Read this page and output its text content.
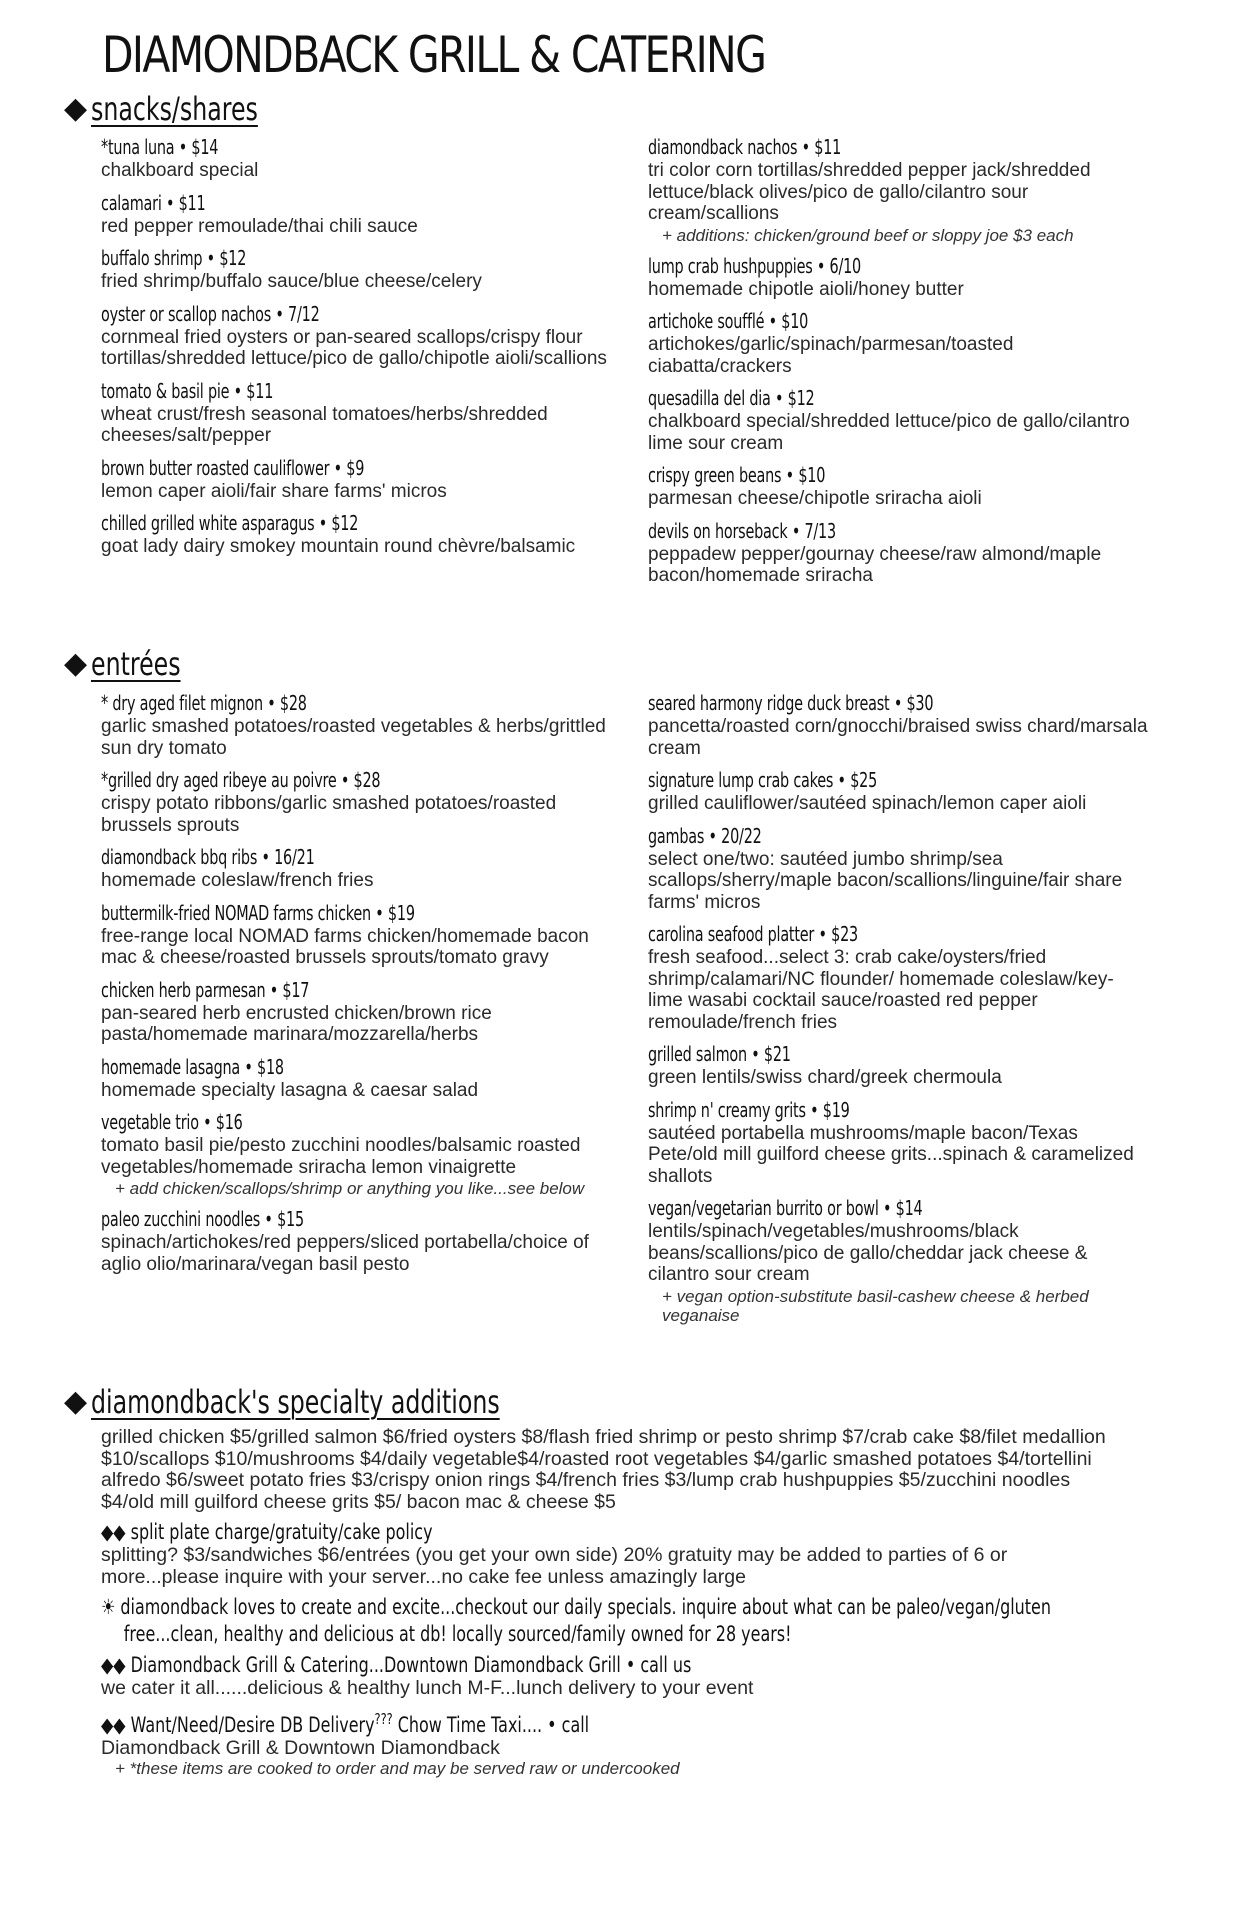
DIAMONDBACK GRILL & CATERING
◆ snacks/shares
*tuna luna • $14
chalkboard special
calamari • $11
red pepper remoulade/thai chili sauce
buffalo shrimp • $12
fried shrimp/buffalo sauce/blue cheese/celery
oyster or scallop nachos • 7/12
cornmeal fried oysters or pan-seared scallops/crispy flour tortillas/shredded lettuce/pico de gallo/chipotle aioli/scallions
tomato & basil pie • $11
wheat crust/fresh seasonal tomatoes/herbs/shredded cheeses/salt/pepper
brown butter roasted cauliflower • $9
lemon caper aioli/fair share farms' micros
chilled grilled white asparagus • $12
goat lady dairy smokey mountain round chèvre/balsamic
diamondback nachos • $11
tri color corn tortillas/shredded pepper jack/shredded lettuce/black olives/pico de gallo/cilantro sour cream/scallions
+ additions: chicken/ground beef or sloppy joe $3 each
lump crab hushpuppies • 6/10
homemade chipotle aioli/honey butter
artichoke soufflé • $10
artichokes/garlic/spinach/parmesan/toasted ciabatta/crackers
quesadilla del dia • $12
chalkboard special/shredded lettuce/pico de gallo/cilantro lime sour cream
crispy green beans • $10
parmesan cheese/chipotle sriracha aioli
devils on horseback • 7/13
peppadew pepper/gournay cheese/raw almond/maple bacon/homemade sriracha
◆ entrées
* dry aged filet mignon • $28
garlic smashed potatoes/roasted vegetables & herbs/grittled sun dry tomato
*grilled dry aged ribeye au poivre • $28
crispy potato ribbons/garlic smashed potatoes/roasted brussels sprouts
diamondback bbq ribs • 16/21
homemade coleslaw/french fries
buttermilk-fried NOMAD farms chicken • $19
free-range local NOMAD farms chicken/homemade bacon mac & cheese/roasted brussels sprouts/tomato gravy
chicken herb parmesan • $17
pan-seared herb encrusted chicken/brown rice pasta/homemade marinara/mozzarella/herbs
homemade lasagna • $18
homemade specialty lasagna & caesar salad
vegetable trio • $16
tomato basil pie/pesto zucchini noodles/balsamic roasted vegetables/homemade sriracha lemon vinaigrette
+ add chicken/scallops/shrimp or anything you like...see below
paleo zucchini noodles • $15
spinach/artichokes/red peppers/sliced portabella/choice of aglio olio/marinara/vegan basil pesto
seared harmony ridge duck breast • $30
pancetta/roasted corn/gnocchi/braised swiss chard/marsala cream
signature lump crab cakes • $25
grilled cauliflower/sautéed spinach/lemon caper aioli
gambas • 20/22
select one/two: sautéed jumbo shrimp/sea scallops/sherry/maple bacon/scallions/linguine/fair share farms' micros
carolina seafood platter • $23
fresh seafood...select 3: crab cake/oysters/fried shrimp/calamari/NC flounder/ homemade coleslaw/key-lime wasabi cocktail sauce/roasted red pepper remoulade/french fries
grilled salmon • $21
green lentils/swiss chard/greek chermoula
shrimp n' creamy grits • $19
sautéed portabella mushrooms/maple bacon/Texas Pete/old mill guilford cheese grits...spinach & caramelized shallots
vegan/vegetarian burrito or bowl • $14
lentils/spinach/vegetables/mushrooms/black beans/scallions/pico de gallo/cheddar jack cheese & cilantro sour cream
+ vegan option-substitute basil-cashew cheese & herbed veganaise
◆ diamondback's specialty additions
grilled chicken $5/grilled salmon $6/fried oysters $8/flash fried shrimp or pesto shrimp $7/crab cake $8/filet medallion $10/scallops $10/mushrooms $4/daily vegetable$4/roasted root vegetables $4/garlic smashed potatoes $4/tortellini alfredo $6/sweet potato fries $3/crispy onion rings $4/french fries $3/lump crab hushpuppies $5/zucchini noodles $4/old mill guilford cheese grits $5/ bacon mac & cheese $5
◆◆ split plate charge/gratuity/cake policy
splitting? $3/sandwiches $6/entrées (you get your own side) 20% gratuity may be added to parties of 6 or more...please inquire with your server...no cake fee unless amazingly large
☀ diamondback loves to create and excite...checkout our daily specials. inquire about what can be paleo/vegan/gluten
free...clean, healthy and delicious at db! locally sourced/family owned for 28 years!
◆◆ Diamondback Grill & Catering...Downtown Diamondback Grill • call us
we cater it all......delicious & healthy lunch M-F...lunch delivery to your event
◆◆ Want/Need/Desire DB Delivery??? Chow Time Taxi.... • call
Diamondback Grill & Downtown Diamondback
+ *these items are cooked to order and may be served raw or undercooked
